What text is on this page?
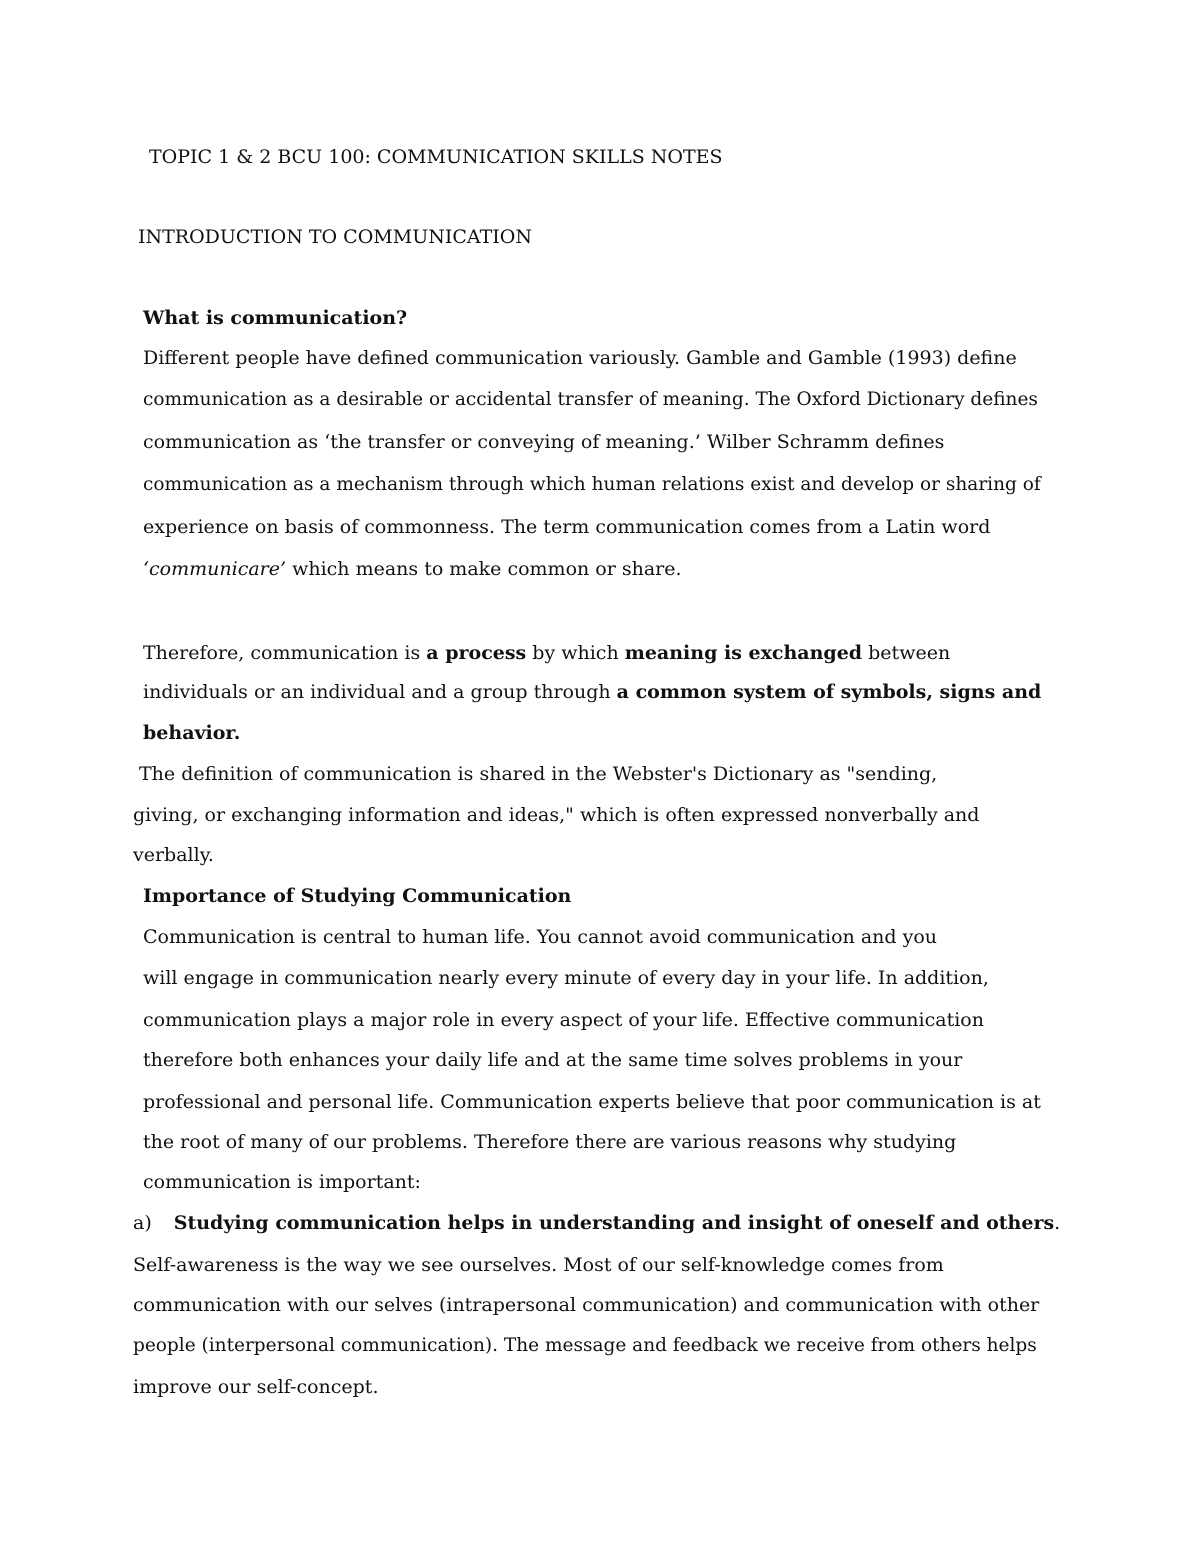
TOPIC 1 & 2 BCU 100: COMMUNICATION SKILLS NOTES
INTRODUCTION TO COMMUNICATION
What is communication?
Different people have defined communication variously. Gamble and Gamble (1993) define
communication as a desirable or accidental transfer of meaning. The Oxford Dictionary defines
communication as ‘the transfer or conveying of meaning.’ Wilber Schramm defines
communication as a mechanism through which human relations exist and develop or sharing of
experience on basis of commonness. The term communication comes from a Latin word
‘communicare’ which means to make common or share.
Therefore, communication is a process by which meaning is exchanged between
individuals or an individual and a group through a common system of symbols, signs and
behavior.
The definition of communication is shared in the Webster's Dictionary as "sending,
giving, or exchanging information and ideas," which is often expressed nonverbally and
verbally.
Importance of Studying Communication
Communication is central to human life. You cannot avoid communication and you
will engage in communication nearly every minute of every day in your life. In addition,
communication plays a major role in every aspect of your life. Effective communication
therefore both enhances your daily life and at the same time solves problems in your
professional and personal life. Communication experts believe that poor communication is at
the root of many of our problems. Therefore there are various reasons why studying
communication is important:
a) Studying communication helps in understanding and insight of oneself and others.
Self-awareness is the way we see ourselves. Most of our self-knowledge comes from
communication with our selves (intrapersonal communication) and communication with other
people (interpersonal communication). The message and feedback we receive from others helps
improve our self-concept.
